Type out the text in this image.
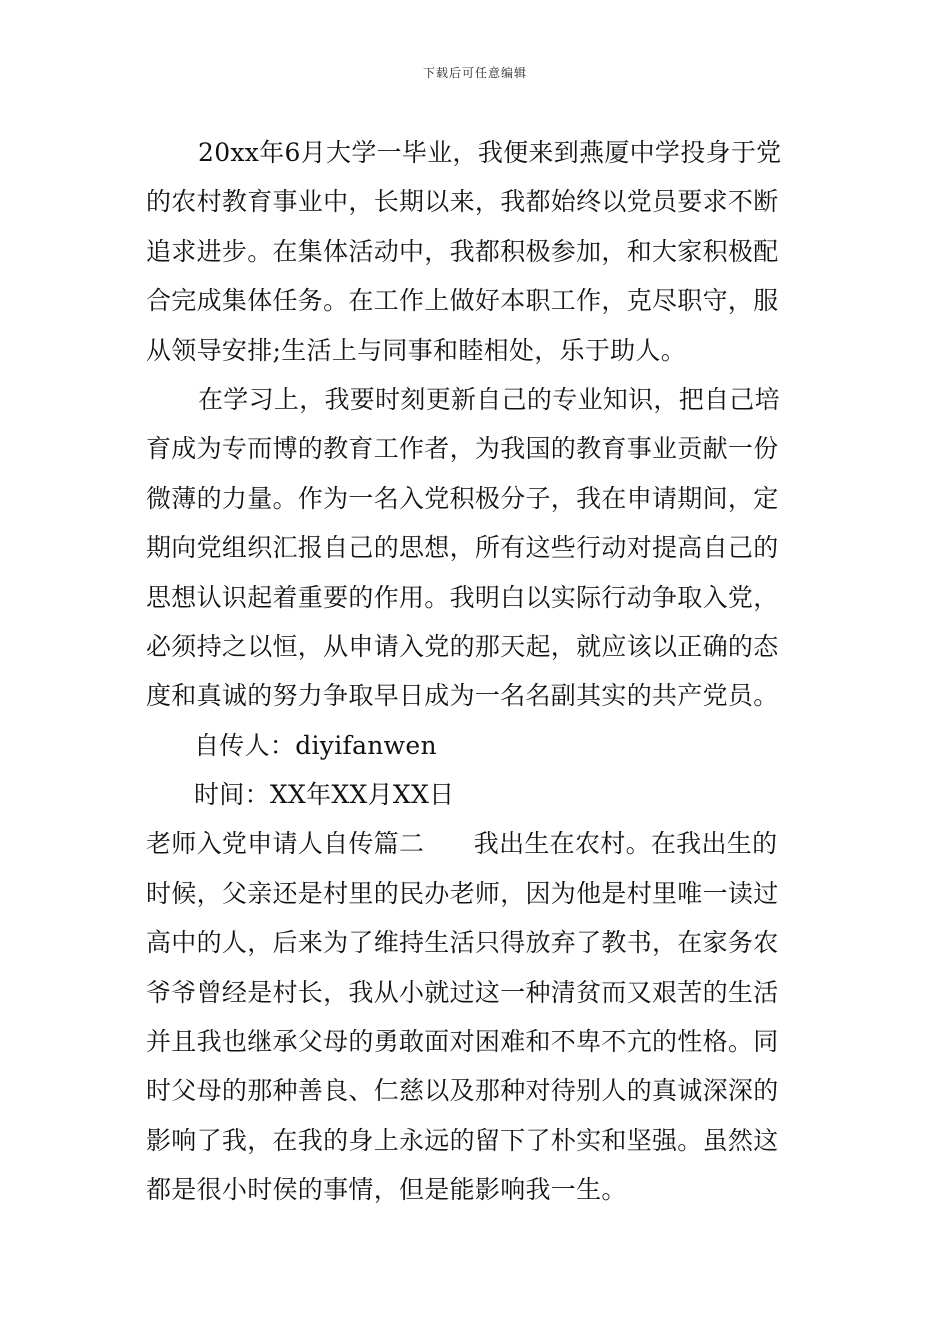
下载后可任意编辑
20xx年6月大学一毕业，我便来到燕厦中学投身于党
的农村教育事业中，长期以来，我都始终以党员要求不断
追求进步。在集体活动中，我都积极参加，和大家积极配
合完成集体任务。在工作上做好本职工作，克尽职守，服
从领导安排;生活上与同事和睦相处，乐于助人。
在学习上，我要时刻更新自己的专业知识，把自己培
育成为专而博的教育工作者，为我国的教育事业贡献一份
微薄的力量。作为一名入党积极分子，我在申请期间，定
期向党组织汇报自己的思想，所有这些行动对提高自己的
思想认识起着重要的作用。我明白以实际行动争取入党，
必须持之以恒，从申请入党的那天起，就应该以正确的态
度和真诚的努力争取早日成为一名名副其实的共产党员。
自传人：diyifanwen
时间：XX年XX月XX日
老师入党申请人自传篇二      我出生在农村。在我出生的
时候，父亲还是村里的民办老师，因为他是村里唯一读过
高中的人，后来为了维持生活只得放弃了教书，在家务农
爷爷曾经是村长，我从小就过这一种清贫而又艰苦的生活
并且我也继承父母的勇敢面对困难和不卑不亢的性格。同
时父母的那种善良、仁慈以及那种对待别人的真诚深深的
影响了我，在我的身上永远的留下了朴实和坚强。虽然这
都是很小时侯的事情，但是能影响我一生。
